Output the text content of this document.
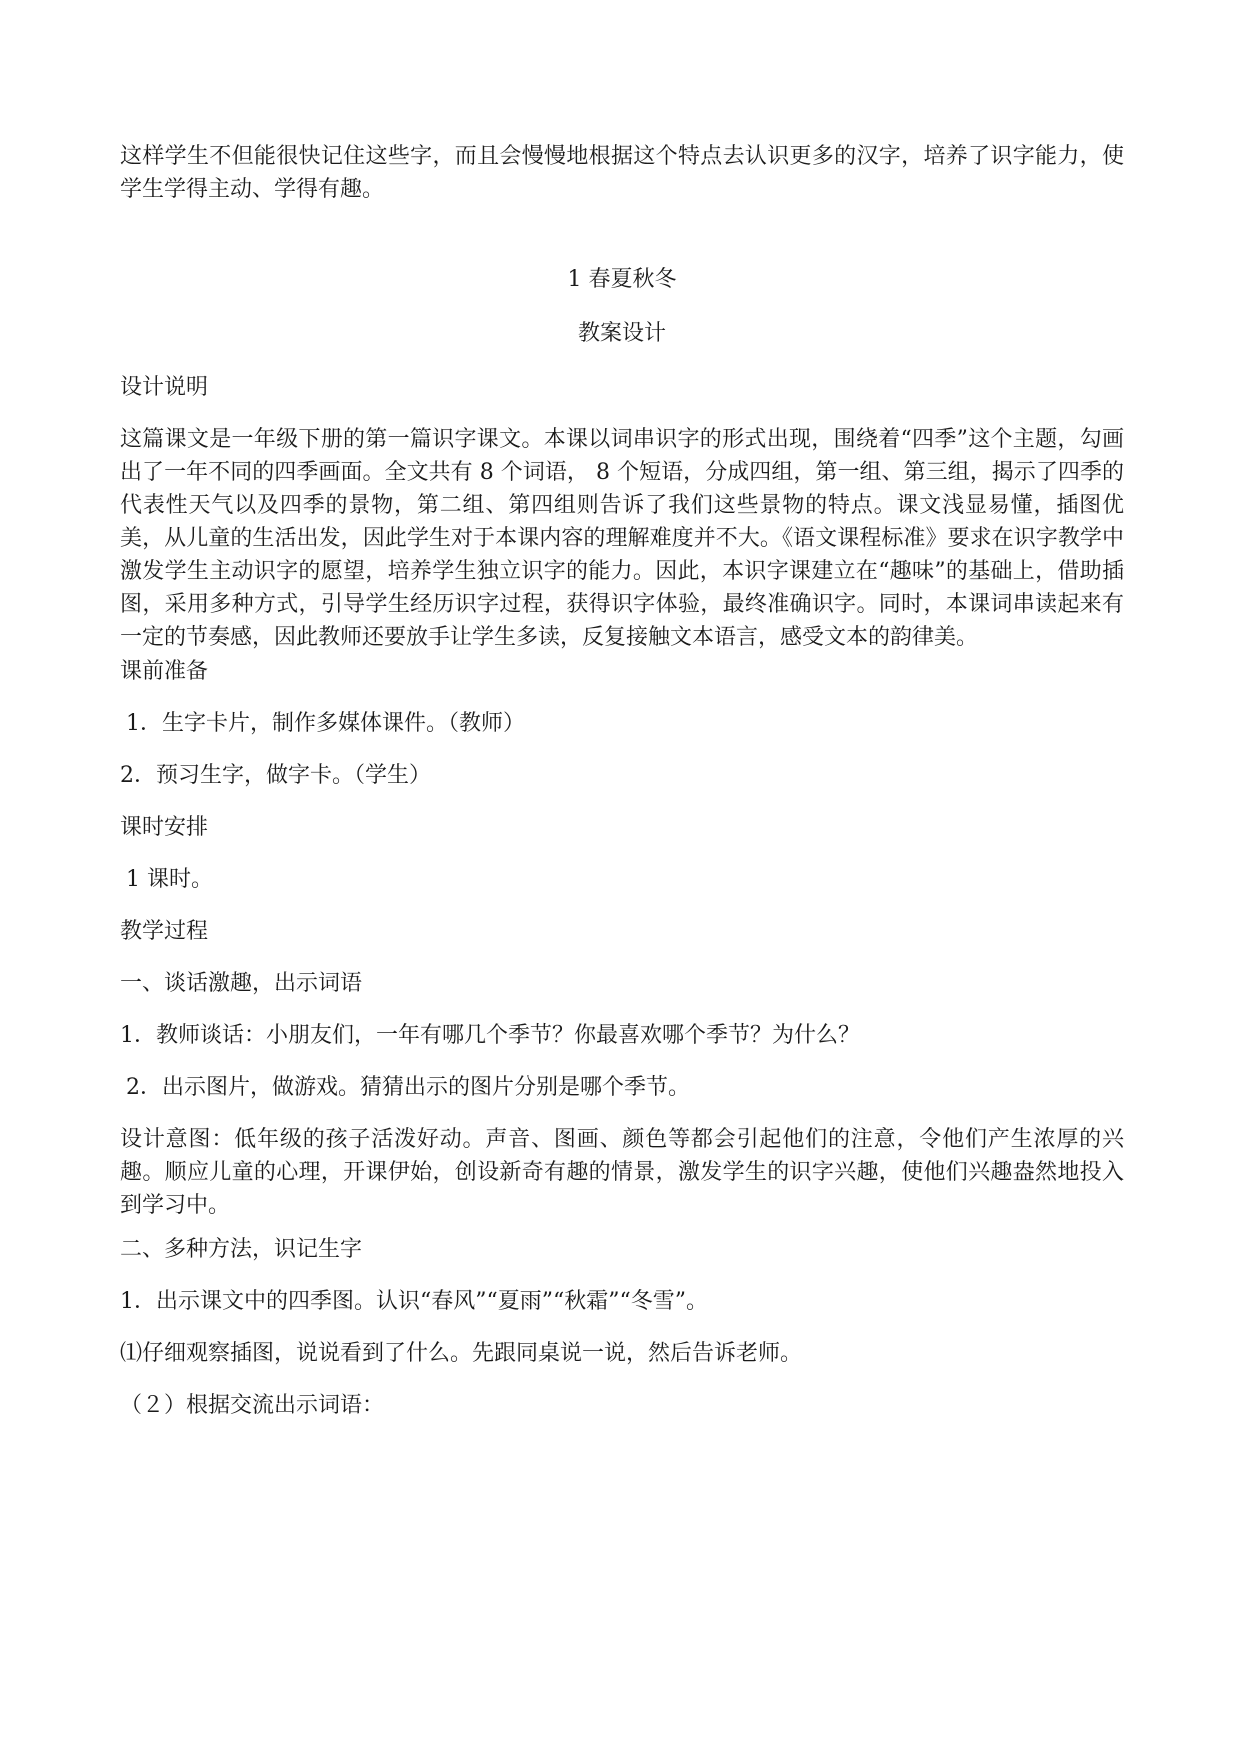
这样学生不但能很快记住这些字，而且会慢慢地根据这个特点去认识更多的汉字，培养了识字能力，使学生学得主动、学得有趣。

1 春夏秋冬

教案设计

设计说明

这篇课文是一年级下册的第一篇识字课文。本课以词串识字的形式出现，围绕着“四季”这个主题，勾画出了一年不同的四季画面。全文共有 8 个词语， 8 个短语，分成四组，第一组、第三组，揭示了四季的代表性天气以及四季的景物，第二组、第四组则告诉了我们这些景物的特点。课文浅显易懂，插图优美，从儿童的生活出发，因此学生对于本课内容的理解难度并不大。《语文课程标准》要求在识字教学中激发学生主动识字的愿望，培养学生独立识字的能力。因此，本识字课建立在“趣味”的基础上，借助插图，采用多种方式，引导学生经历识字过程，获得识字体验，最终准确识字。同时，本课词串读起来有一定的节奏感，因此教师还要放手让学生多读，反复接触文本语言，感受文本的韵律美。

课前准备

1．生字卡片，制作多媒体课件。（教师）

2．预习生字，做字卡。（学生）

课时安排

1 课时。

教学过程

一、谈话激趣，出示词语

1．教师谈话：小朋友们，一年有哪几个季节？你最喜欢哪个季节？为什么？

2．出示图片，做游戏。猜猜出示的图片分别是哪个季节。

设计意图：低年级的孩子活泼好动。声音、图画、颜色等都会引起他们的注意，令他们产生浓厚的兴趣。顺应儿童的心理，开课伊始，创设新奇有趣的情景，激发学生的识字兴趣，使他们兴趣盎然地投入到学习中。

二、多种方法，识记生字

1．出示课文中的四季图。认识“春风”“夏雨”“秋霜”“冬雪”。

⑴仔细观察插图，说说看到了什么。先跟同桌说一说，然后告诉老师。

（２）根据交流出示词语：
